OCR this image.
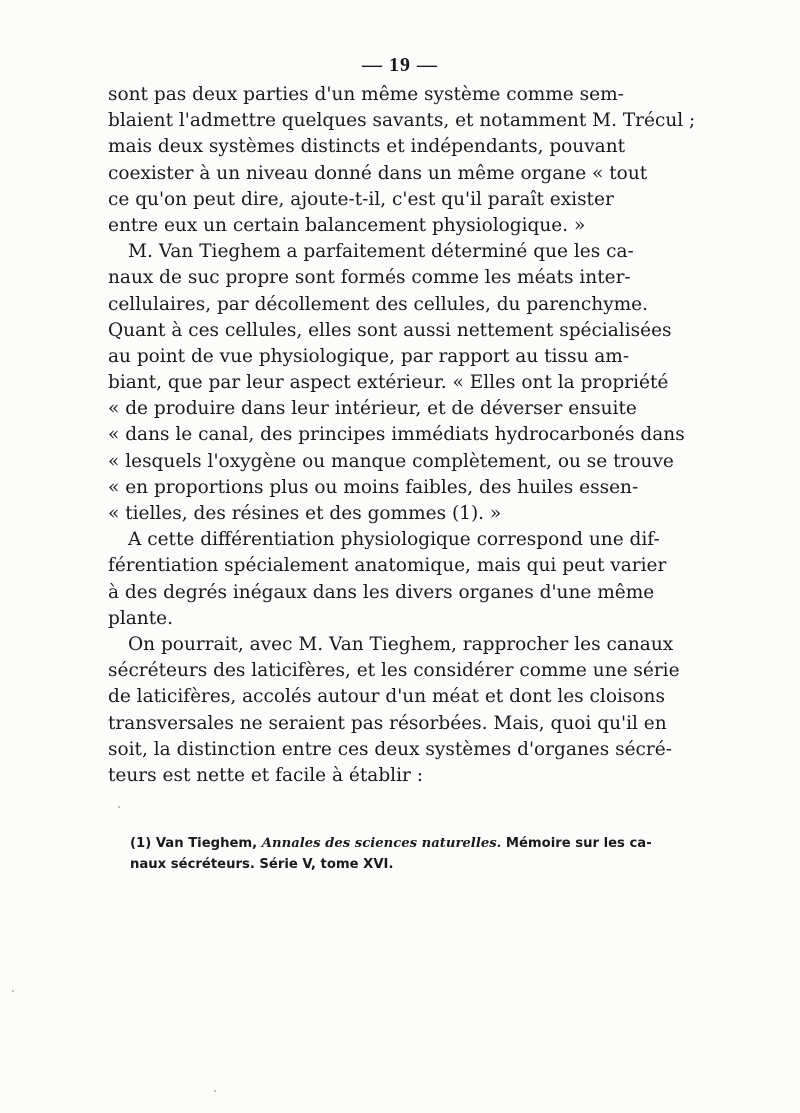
— 19 —
sont pas deux parties d'un même système comme sem-
blaient l'admettre quelques savants, et notamment M. Trécul ;
mais deux systèmes distincts et indépendants, pouvant
coexister à un niveau donné dans un même organe « tout
ce qu'on peut dire, ajoute-t-il, c'est qu'il paraît exister
entre eux un certain balancement physiologique. »
M. Van Tieghem a parfaitement déterminé que les ca-
naux de suc propre sont formés comme les méats inter-
cellulaires, par décollement des cellules, du parenchyme.
Quant à ces cellules, elles sont aussi nettement spécialisées
au point de vue physiologique, par rapport au tissu am-
biant, que par leur aspect extérieur. « Elles ont la propriété
« de produire dans leur intérieur, et de déverser ensuite
« dans le canal, des principes immédiats hydrocarbonés dans
« lesquels l'oxygène ou manque complètement, ou se trouve
« en proportions plus ou moins faibles, des huiles essen-
« tielles, des résines et des gommes (1). »
A cette différentiation physiologique correspond une dif-
férentiation spécialement anatomique, mais qui peut varier
à des degrés inégaux dans les divers organes d'une même
plante.
On pourrait, avec M. Van Tieghem, rapprocher les canaux
sécréteurs des laticifères, et les considérer comme une série
de laticifères, accolés autour d'un méat et dont les cloisons
transversales ne seraient pas résorbées. Mais, quoi qu'il en
soit, la distinction entre ces deux systèmes d'organes sécré-
teurs est nette et facile à établir :
(1) Van Tieghem, Annales des sciences naturelles. Mémoire sur les ca-
naux sécréteurs. Série V, tome XVI.
